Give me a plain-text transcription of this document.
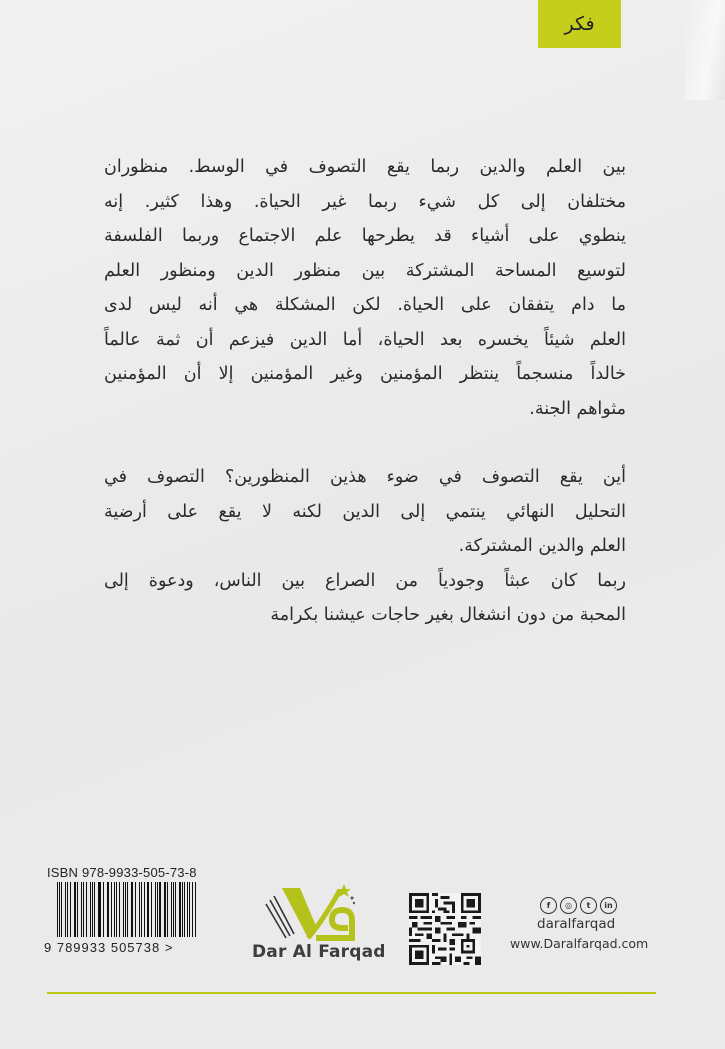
فكر
بين العلم والدين ربما يقع التصوف في الوسط. منظوران
مختلفان إلى كل شيء ربما غير الحياة. وهذا كثير. إنه
ينطوي على أشياء قد يطرحها علم الاجتماع وربما الفلسفة
لتوسيع المساحة المشتركة بين منظور الدين ومنظور العلم
ما دام يتفقان على الحياة. لكن المشكلة هي أنه ليس لدى
العلم شيئاً يخسره بعد الحياة، أما الدين فيزعم أن ثمة عالماً
خالداً منسجماً ينتظر المؤمنين وغير المؤمنين إلا أن المؤمنين
مثواهم الجنة.
أين يقع التصوف في ضوء هذين المنظورين؟ التصوف في
التحليل النهائي ينتمي إلى الدين لكنه لا يقع على أرضية
العلم والدين المشتركة.
ربما كان عبثاً وجودياً من الصراع بين الناس، ودعوة إلى
المحبة من دون انشغال بغير حاجات عيشنا بكرامة
ISBN 978-9933-505-73-8
9 789933 505738 >	Dar Al Farqad
f ◎ t in
daralfarqad
www.Daralfarqad.com
